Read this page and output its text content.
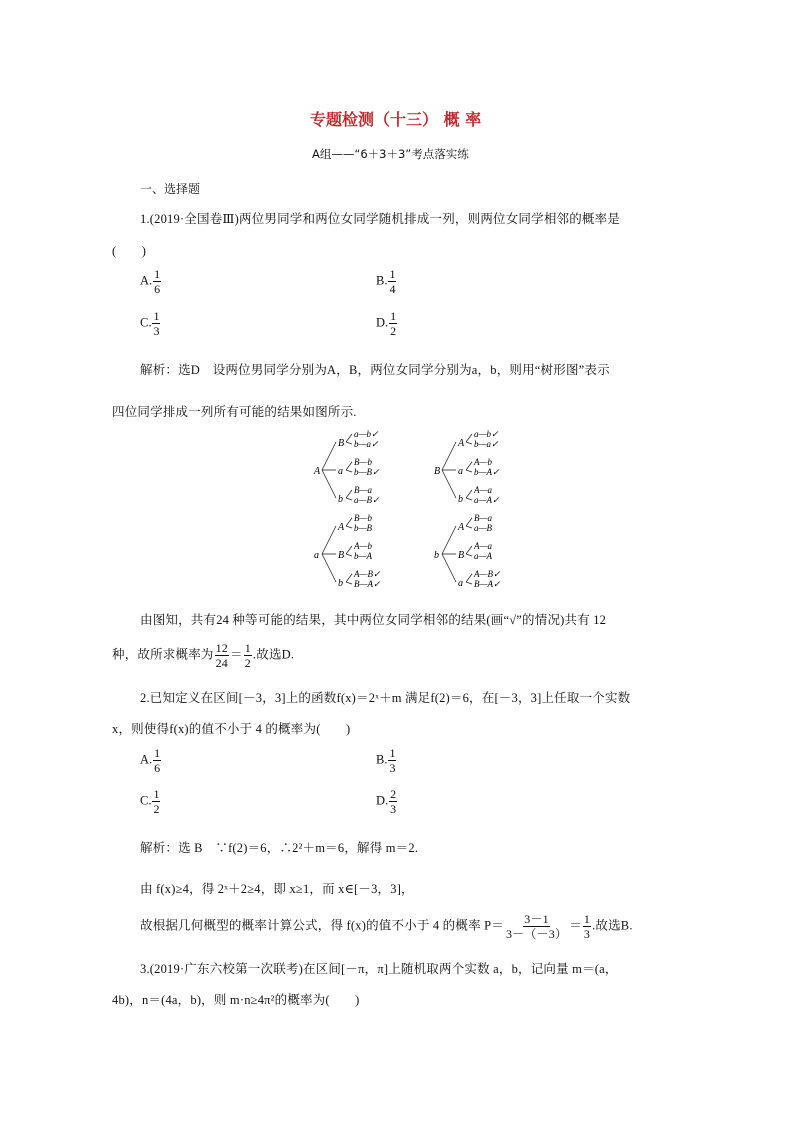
专题检测（十三） 概 率
A组——“6＋3＋3”考点落实练
一、选择题
1.(2019·全国卷Ⅲ)两位男同学和两位女同学随机排成一列，则两位女同学相邻的概率是
(　　)
A. $\frac{1}{6}$	B. $\frac{1}{4}$
C. $\frac{1}{3}$	D. $\frac{1}{2}$
解析：选D　设两位男同学分别为A，B，两位女同学分别为a，b，则用“树形图”表示
四位同学排成一列所有可能的结果如图所示.
A
B
a—b✓
b—a✓
a
B—b
b—B✓
b
B—a
a—B✓
B
A
a—b✓
b—a✓
a
A—b
b—A✓
b
A—a
a—A✓
a
A
B—b
b—B
B
A—b
b—A
b
A—B✓
B—A✓
b
A
B—a
a—B
B
A—a
a—A
a
A—B✓
B—A✓
由图知，共有24 种等可能的结果，其中两位女同学相邻的结果(画“√”的情况)共有 12
种，故所求概率为 $\frac{12}{24} = \frac{1}{2}$ .故选D.
2.已知定义在区间[－3，3]上的函数f(x)＝2ˣ＋m 满足f(2)＝6，在[－3，3]上任取一个实数
x，则使得f(x)的值不小于 4 的概率为(　　)
A. $\frac{1}{6}$	B. $\frac{1}{3}$
C. $\frac{1}{2}$	D. $\frac{2}{3}$
解析：选 B　∵f(2)＝6，∴2²＋m＝6，解得 m＝2.
由 f(x)≥4，得 2ˣ＋2≥4，即 x≥1，而 x∈[－3，3]，
故根据几何概型的概率计算公式，得 f(x)的值不小于 4 的概率 $P= \frac{3-1}{3-(-3)} = \frac{1}{3}$ .故选B.
3.(2019·广东六校第一次联考)在区间[－π，π]上随机取两个实数 a，b，记向量 m＝(a，
4b)，n＝(4a，b)，则 m·n≥4π²的概率为(　　)
